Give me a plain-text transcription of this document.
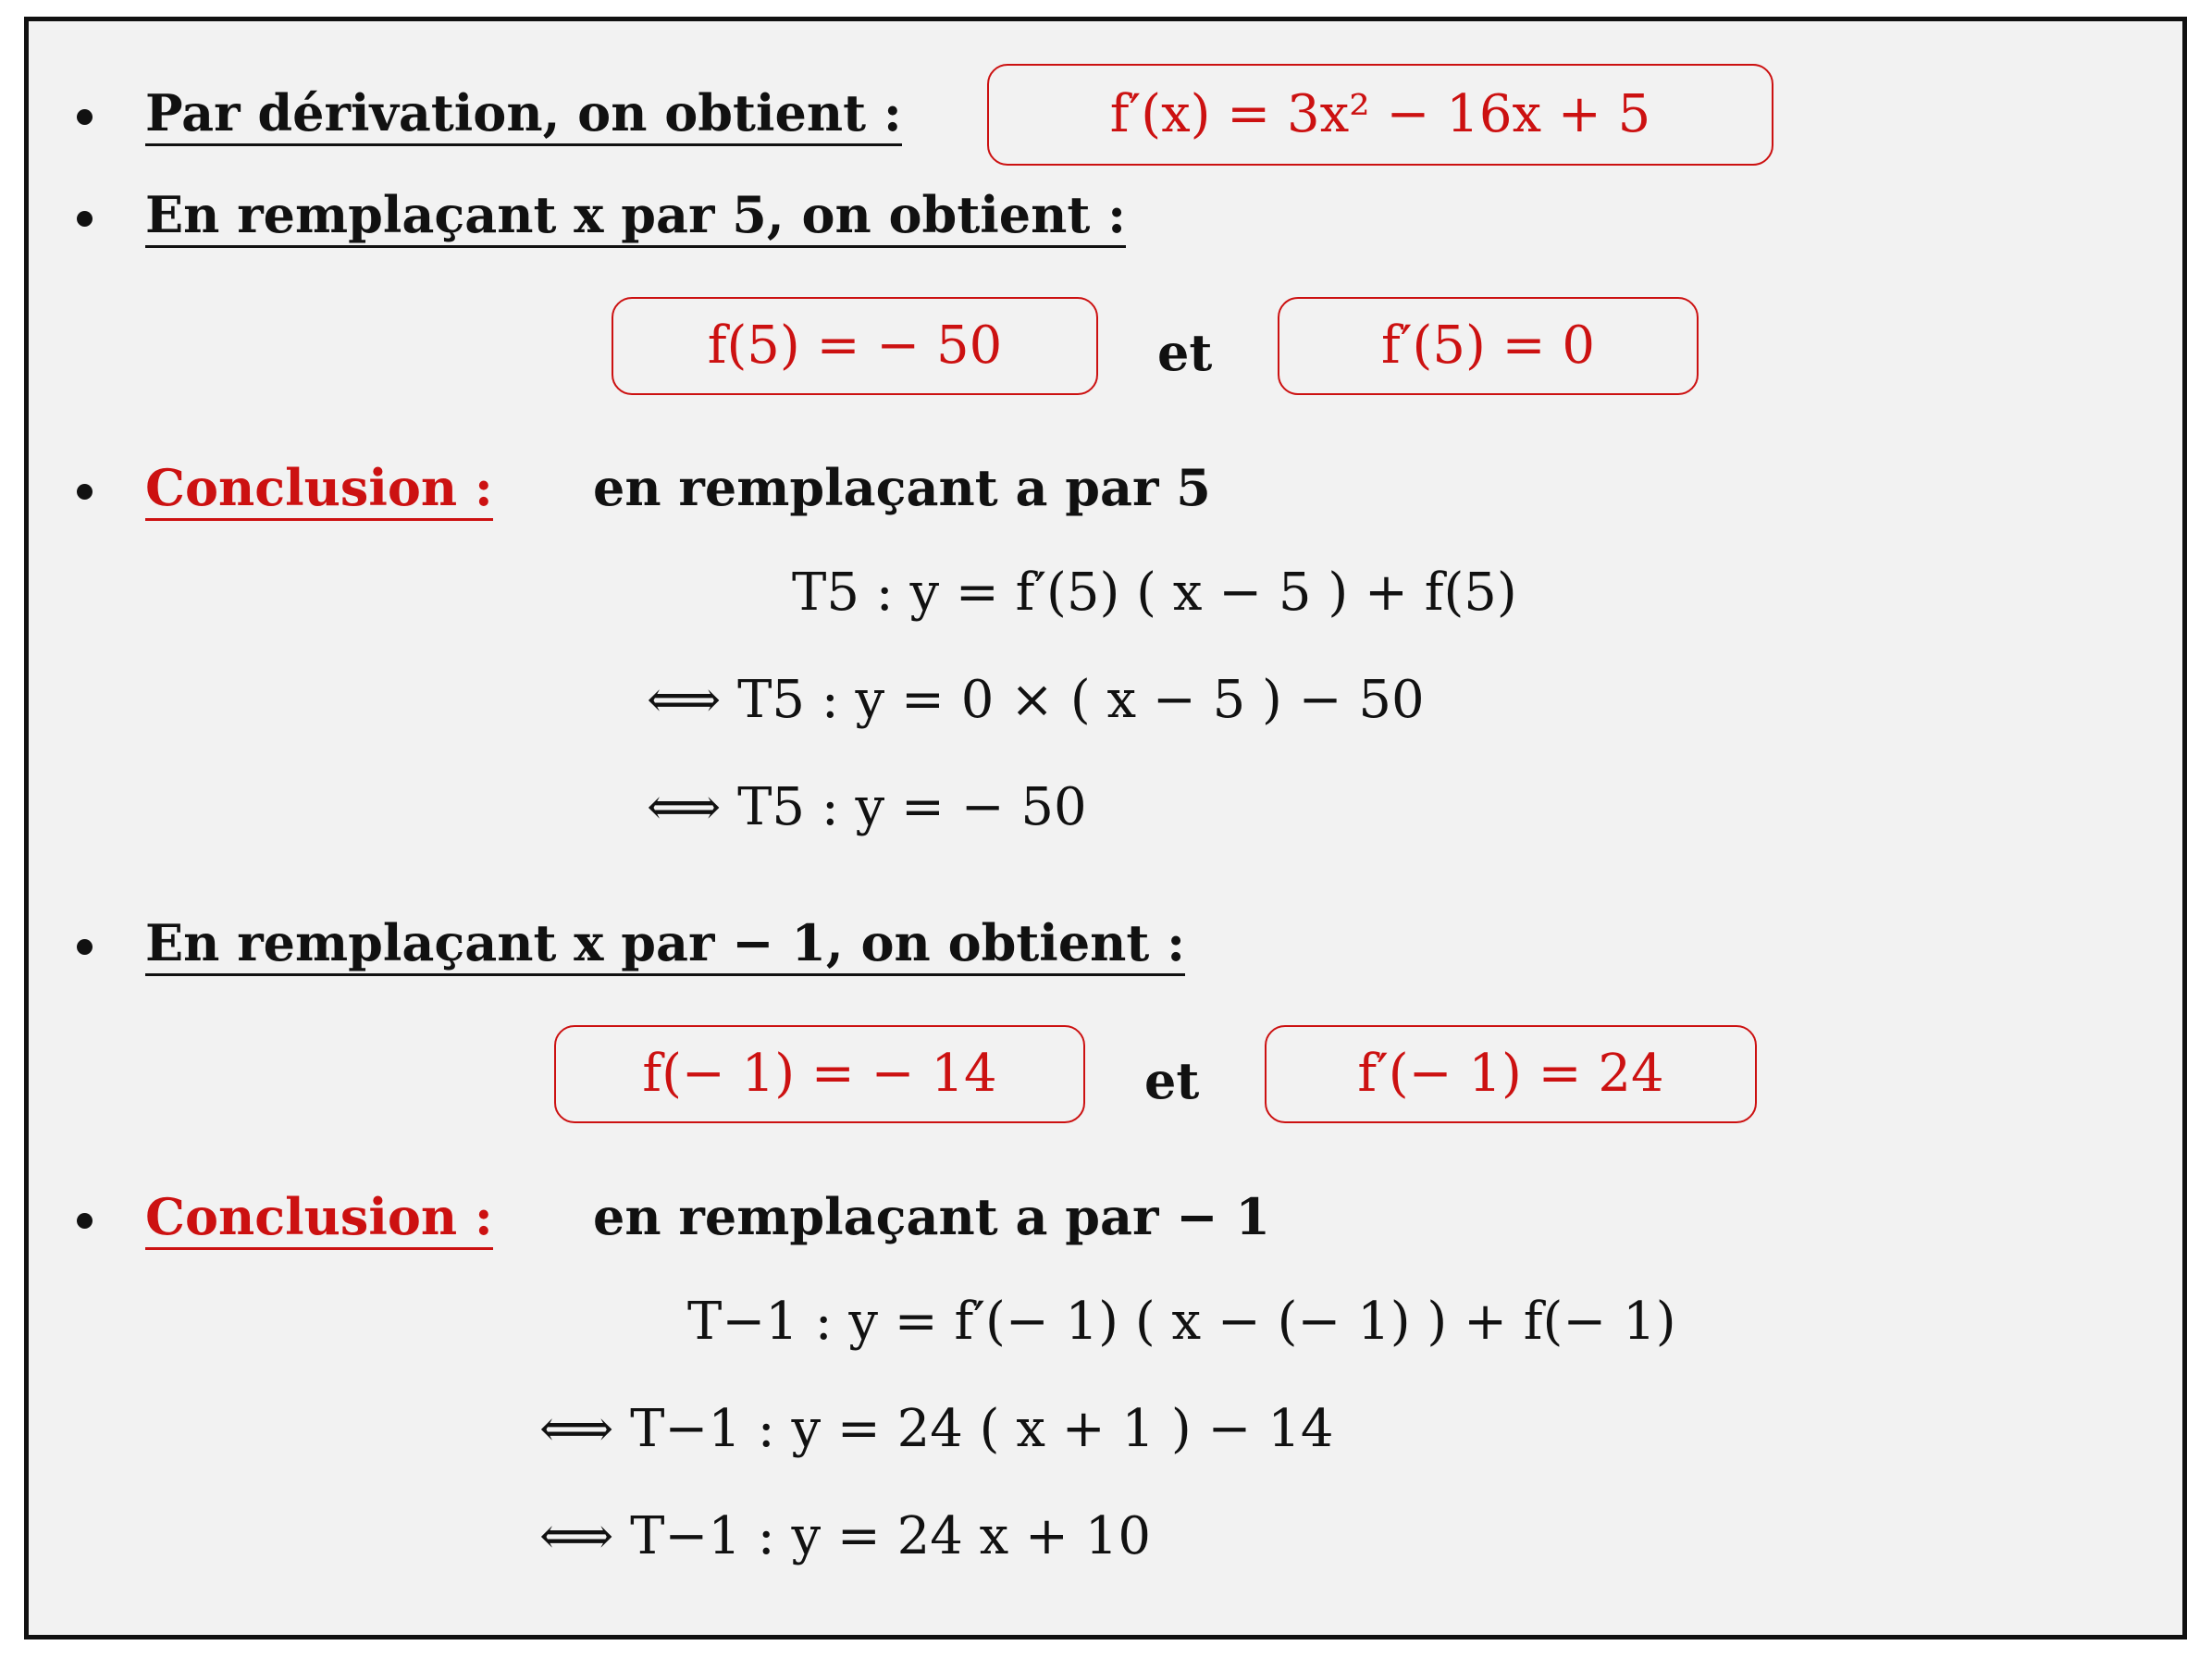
Par dérivation, on obtient :	f′(x) = 3x² − 16x + 5
En remplaçant x par 5, on obtient :
f(5) = − 50	et	f′(5) = 0
Conclusion : en remplaçant a par 5
T5 : y = f′(5) ( x − 5 ) + f(5)
⟺ T5 : y = 0 × ( x − 5 ) − 50
⟺ T5 : y = − 50
En remplaçant x par − 1, on obtient :
f(− 1) = − 14	et	f′(− 1) = 24
Conclusion : en remplaçant a par − 1
T−1 : y = f′(− 1) ( x − (− 1) ) + f(− 1)
⟺ T−1 : y = 24 ( x + 1 ) − 14
⟺ T−1 : y = 24 x + 10
